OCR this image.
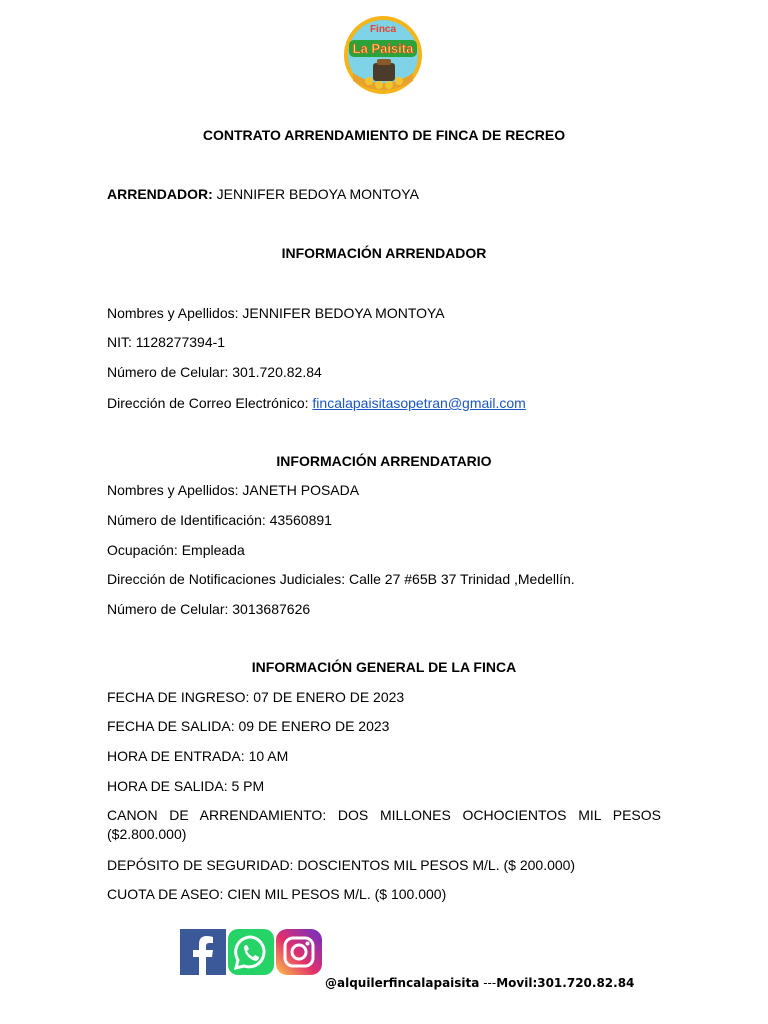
Finca
La Paisita
CONTRATO ARRENDAMIENTO DE FINCA DE RECREO
ARRENDADOR: JENNIFER BEDOYA MONTOYA
INFORMACIÓN ARRENDADOR
Nombres y Apellidos: JENNIFER BEDOYA MONTOYA
NIT: 1128277394-1
Número de Celular: 301.720.82.84
Dirección de Correo Electrónico: fincalapaisitasopetran@gmail.com
INFORMACIÓN ARRENDATARIO
Nombres y Apellidos: JANETH POSADA
Número de Identificación: 43560891
Ocupación: Empleada
Dirección de Notificaciones Judiciales: Calle 27 #65B 37 Trinidad ,Medellín.
Número de Celular: 3013687626
INFORMACIÓN GENERAL DE LA FINCA
FECHA DE INGRESO: 07 DE ENERO DE 2023
FECHA DE SALIDA: 09 DE ENERO DE 2023
HORA DE ENTRADA: 10 AM
HORA DE SALIDA: 5 PM
CANON DE ARRENDAMIENTO: DOS MILLONES OCHOCIENTOS MIL PESOS ($2.800.000)
DEPÓSITO DE SEGURIDAD: DOSCIENTOS MIL PESOS M/L. ($ 200.000)
CUOTA DE ASEO: CIEN MIL PESOS M/L. ($ 100.000)
@alquilerfincalapaisita ---Movil:301.720.82.84
